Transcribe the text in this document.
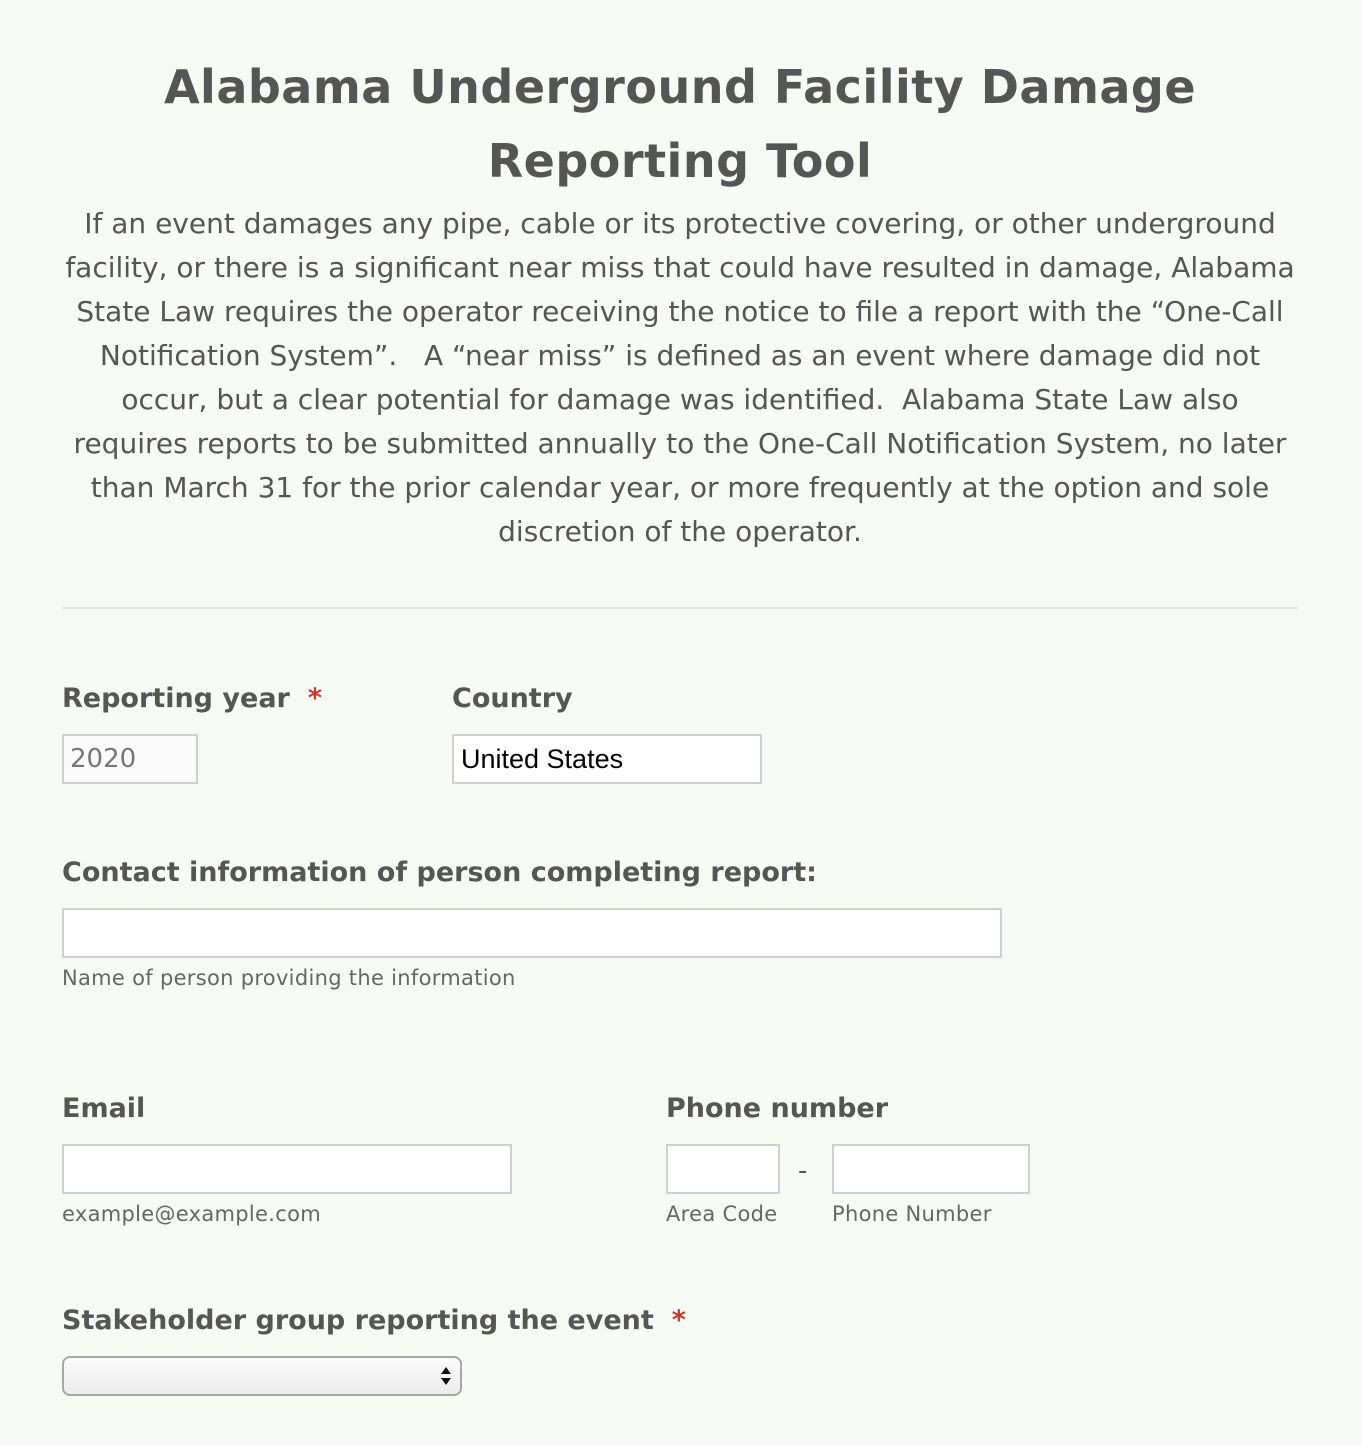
Alabama Underground Facility Damage Reporting Tool

If an event damages any pipe, cable or its protective covering, or other underground facility, or there is a significant near miss that could have resulted in damage, Alabama State Law requires the operator receiving the notice to file a report with the “One-Call Notification System”.   A “near miss” is defined as an event where damage did not occur, but a clear potential for damage was identified.  Alabama State Law also requires reports to be submitted annually to the One-Call Notification System, no later than March 31 for the prior calendar year, or more frequently at the option and sole discretion of the operator.

Reporting year *
2020	Country
United States
Contact information of person completing report:
Name of person providing the information
Email
example@example.com
Phone number
-
Area Code	Phone Number
Stakeholder group reporting the event *
